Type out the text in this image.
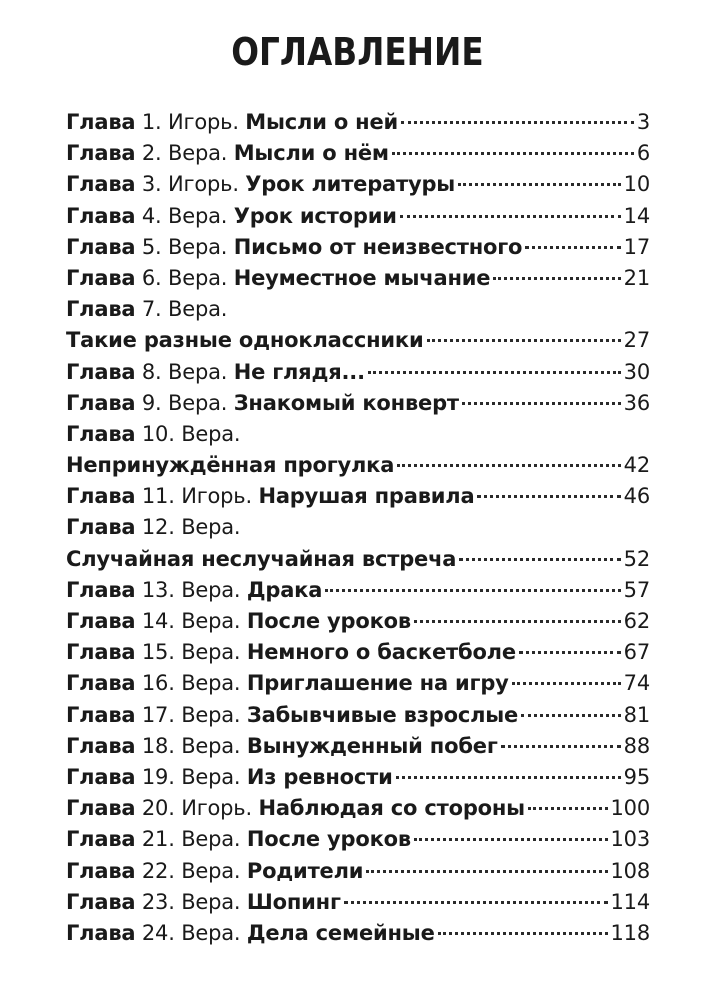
ОГЛАВЛЕНИЕ
Глава 1. Игорь. Мысли о ней	3
Глава 2. Вера. Мысли о нём	6
Глава 3. Игорь. Урок литературы	10
Глава 4. Вера. Урок истории	14
Глава 5. Вера. Письмо от неизвестного	17
Глава 6. Вера. Неуместное мычание	21
Глава 7. Вера.
Такие разные одноклассники	27
Глава 8. Вера. Не глядя...	30
Глава 9. Вера. Знакомый конверт	36
Глава 10. Вера.
Непринуждённая прогулка	42
Глава 11. Игорь. Нарушая правила	46
Глава 12. Вера.
Случайная неслучайная встреча	52
Глава 13. Вера. Драка	57
Глава 14. Вера. После уроков	62
Глава 15. Вера. Немного о баскетболе	67
Глава 16. Вера. Приглашение на игру	74
Глава 17. Вера. Забывчивые взрослые	81
Глава 18. Вера. Вынужденный побег	88
Глава 19. Вера. Из ревности	95
Глава 20. Игорь. Наблюдая со стороны	100
Глава 21. Вера. После уроков	103
Глава 22. Вера. Родители	108
Глава 23. Вера. Шопинг	114
Глава 24. Вера. Дела семейные	118
